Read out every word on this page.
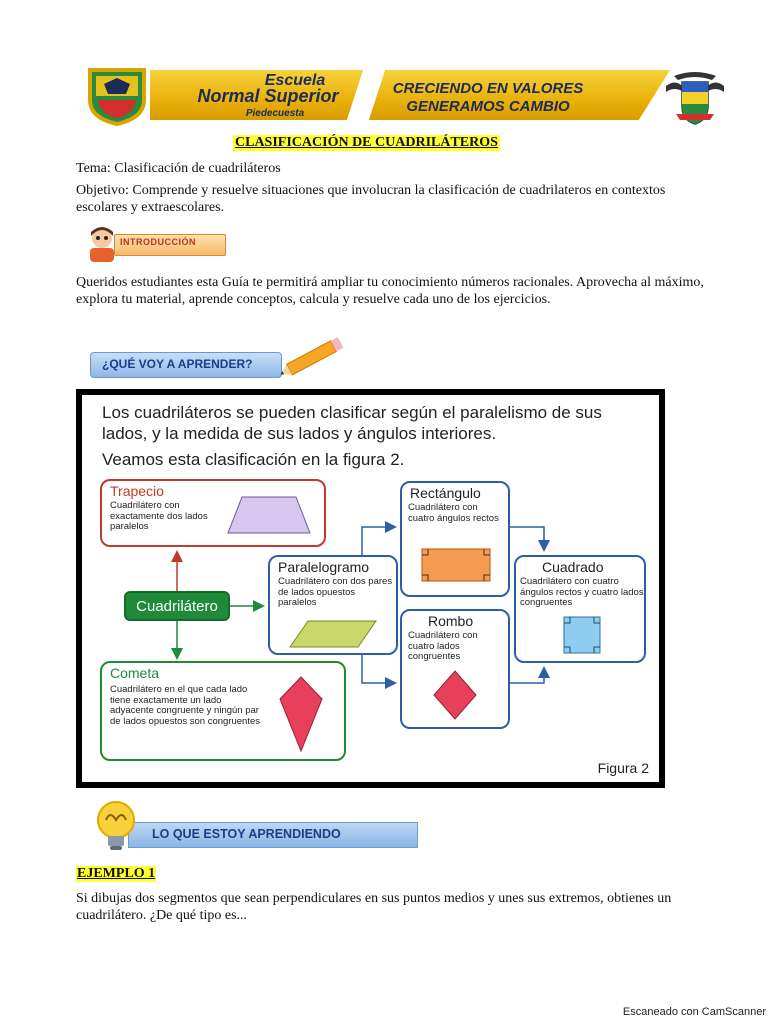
Escuela
Normal Superior
Piedecuesta
CRECIENDO EN VALORES
GENERAMOS CAMBIO
CLASIFICACIÓN DE CUADRILÁTEROS
Tema: Clasificación de cuadriláteros
Objetivo: Comprende y resuelve situaciones que involucran la clasificación de cuadrilateros en contextos escolares y extraescolares.
INTRODUCCIÓN
Queridos estudiantes esta Guía te permitirá ampliar tu conocimiento números racionales. Aprovecha al máximo, explora tu material, aprende conceptos, calcula y resuelve cada uno de los ejercicios.
¿QUÉ VOY A APRENDER?
Los cuadriláteros se pueden clasificar según el paralelismo de sus
lados, y la medida de sus lados y ángulos interiores.
Veamos esta clasificación en la figura 2.
Trapecio
Cuadrilátero con exactamente dos lados paralelos
Cometa
Cuadrilátero en el que cada lado tiene exactamente un lado adyacente congruente y ningún par de lados opuestos son congruentes
Cuadrilátero
Paralelogramo
Cuadrilátero con dos pares de lados opuestos paralelos
Rectángulo
Cuadrilátero con cuatro ángulos rectos
Rombo
Cuadrilátero con cuatro lados congruentes
Cuadrado
Cuadrilátero con cuatro ángulos rectos y cuatro lados congruentes
Figura 2
LO QUE ESTOY APRENDIENDO
EJEMPLO 1
Si dibujas dos segmentos que sean perpendiculares en sus puntos medios y unes sus extremos, obtienes un cuadrilátero. ¿De qué tipo es...
Escaneado con CamScanner
